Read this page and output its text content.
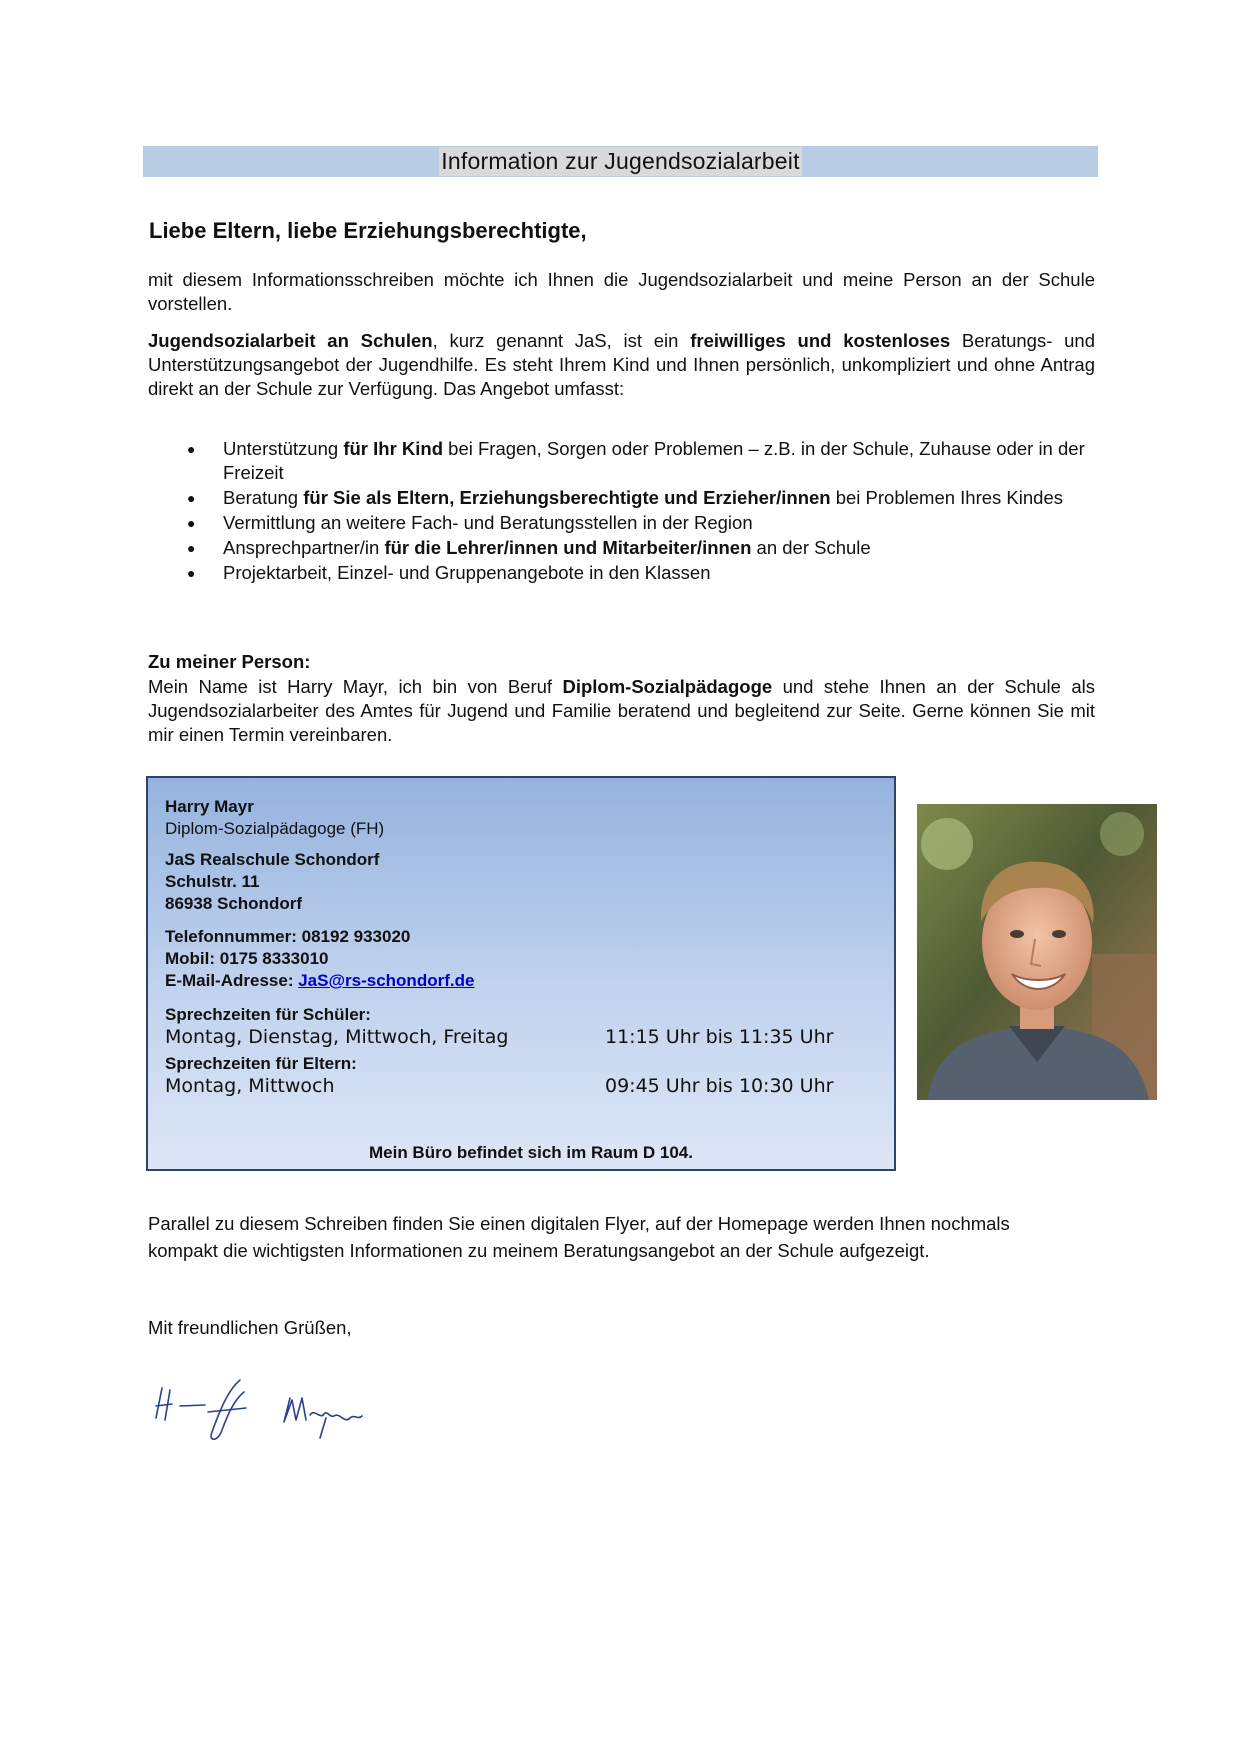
Information zur Jugendsozialarbeit
Liebe Eltern, liebe Erziehungsberechtigte,
mit diesem Informationsschreiben möchte ich Ihnen die Jugendsozialarbeit und meine Person an der Schule vorstellen.
Jugendsozialarbeit an Schulen, kurz genannt JaS, ist ein freiwilliges und kostenloses Beratungs- und Unterstützungsangebot der Jugendhilfe. Es steht Ihrem Kind und Ihnen persönlich, unkompliziert und ohne Antrag direkt an der Schule zur Verfügung. Das Angebot umfasst:
● Unterstützung für Ihr Kind bei Fragen, Sorgen oder Problemen – z.B. in der Schule, Zuhause oder in der Freizeit
● Beratung für Sie als Eltern, Erziehungsberechtigte und Erzieher/innen bei Problemen Ihres Kindes
● Vermittlung an weitere Fach- und Beratungsstellen in der Region
● Ansprechpartner/in für die Lehrer/innen und Mitarbeiter/innen an der Schule
● Projektarbeit, Einzel- und Gruppenangebote in den Klassen
Zu meiner Person:
Mein Name ist Harry Mayr, ich bin von Beruf Diplom-Sozialpädagoge und stehe Ihnen an der Schule als Jugendsozialarbeiter des Amtes für Jugend und Familie beratend und begleitend zur Seite. Gerne können Sie mit mir einen Termin vereinbaren.
Harry Mayr
Diplom-Sozialpädagoge (FH)
JaS Realschule Schondorf
Schulstr. 11
86938 Schondorf
Telefonnummer: 08192 933020
Mobil: 0175 8333010
E-Mail-Adresse: JaS@rs-schondorf.de
Sprechzeiten für Schüler:
Montag, Dienstag, Mittwoch, Freitag	11:15 Uhr bis 11:35 Uhr
Sprechzeiten für Eltern:
Montag, Mittwoch	09:45 Uhr bis 10:30 Uhr
Mein Büro befindet sich im Raum D 104.
Parallel zu diesem Schreiben finden Sie einen digitalen Flyer, auf der Homepage werden Ihnen nochmals kompakt die wichtigsten Informationen zu meinem Beratungsangebot an der Schule aufgezeigt.
Mit freundlichen Grüßen,
